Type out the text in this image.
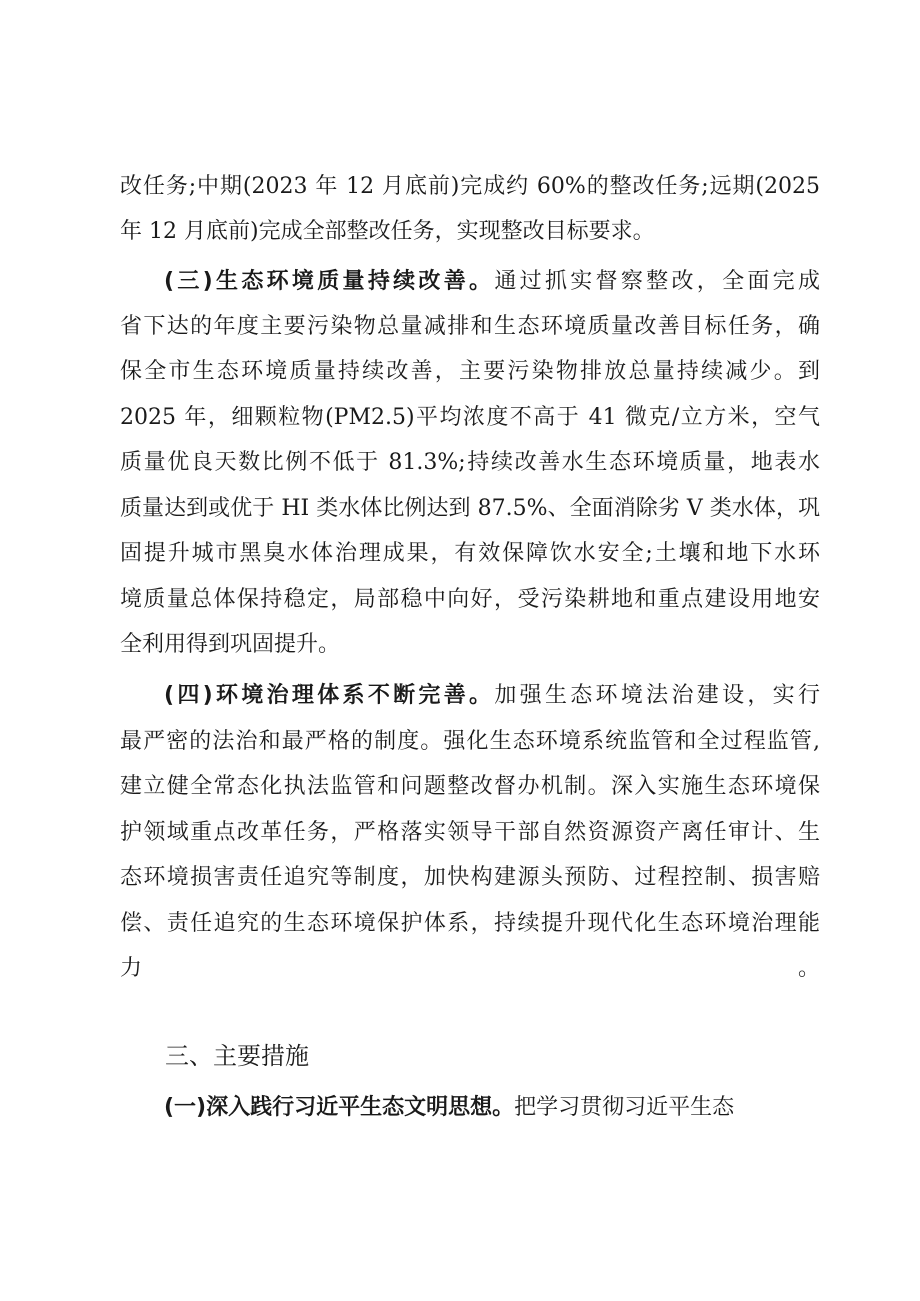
改任务;中期(2023 年 12 月底前)完成约 60%的整改任务;远期(2025
年 12 月底前)完成全部整改任务，实现整改目标要求。
(三)生态环境质量持续改善。通过抓实督察整改，全面完成
省下达的年度主要污染物总量减排和生态环境质量改善目标任务，确
保全市生态环境质量持续改善，主要污染物排放总量持续减少。到
2025 年，细颗粒物(PM2.5)平均浓度不高于 41 微克/立方米，空气
质量优良天数比例不低于 81.3%;持续改善水生态环境质量，地表水
质量达到或优于 HI 类水体比例达到 87.5%、全面消除劣 V 类水体，巩
固提升城市黑臭水体治理成果，有效保障饮水安全;土壤和地下水环
境质量总体保持稳定，局部稳中向好，受污染耕地和重点建设用地安
全利用得到巩固提升。
(四)环境治理体系不断完善。加强生态环境法治建设，实行
最严密的法治和最严格的制度。强化生态环境系统监管和全过程监管,
建立健全常态化执法监管和问题整改督办机制。深入实施生态环境保
护领域重点改革任务，严格落实领导干部自然资源资产离任审计、生
态环境损害责任追究等制度，加快构建源头预防、过程控制、损害赔
偿、责任追究的生态环境保护体系，持续提升现代化生态环境治理能
力。
三、主要措施
(一)深入践行习近平生态文明思想。把学习贯彻习近平生态
